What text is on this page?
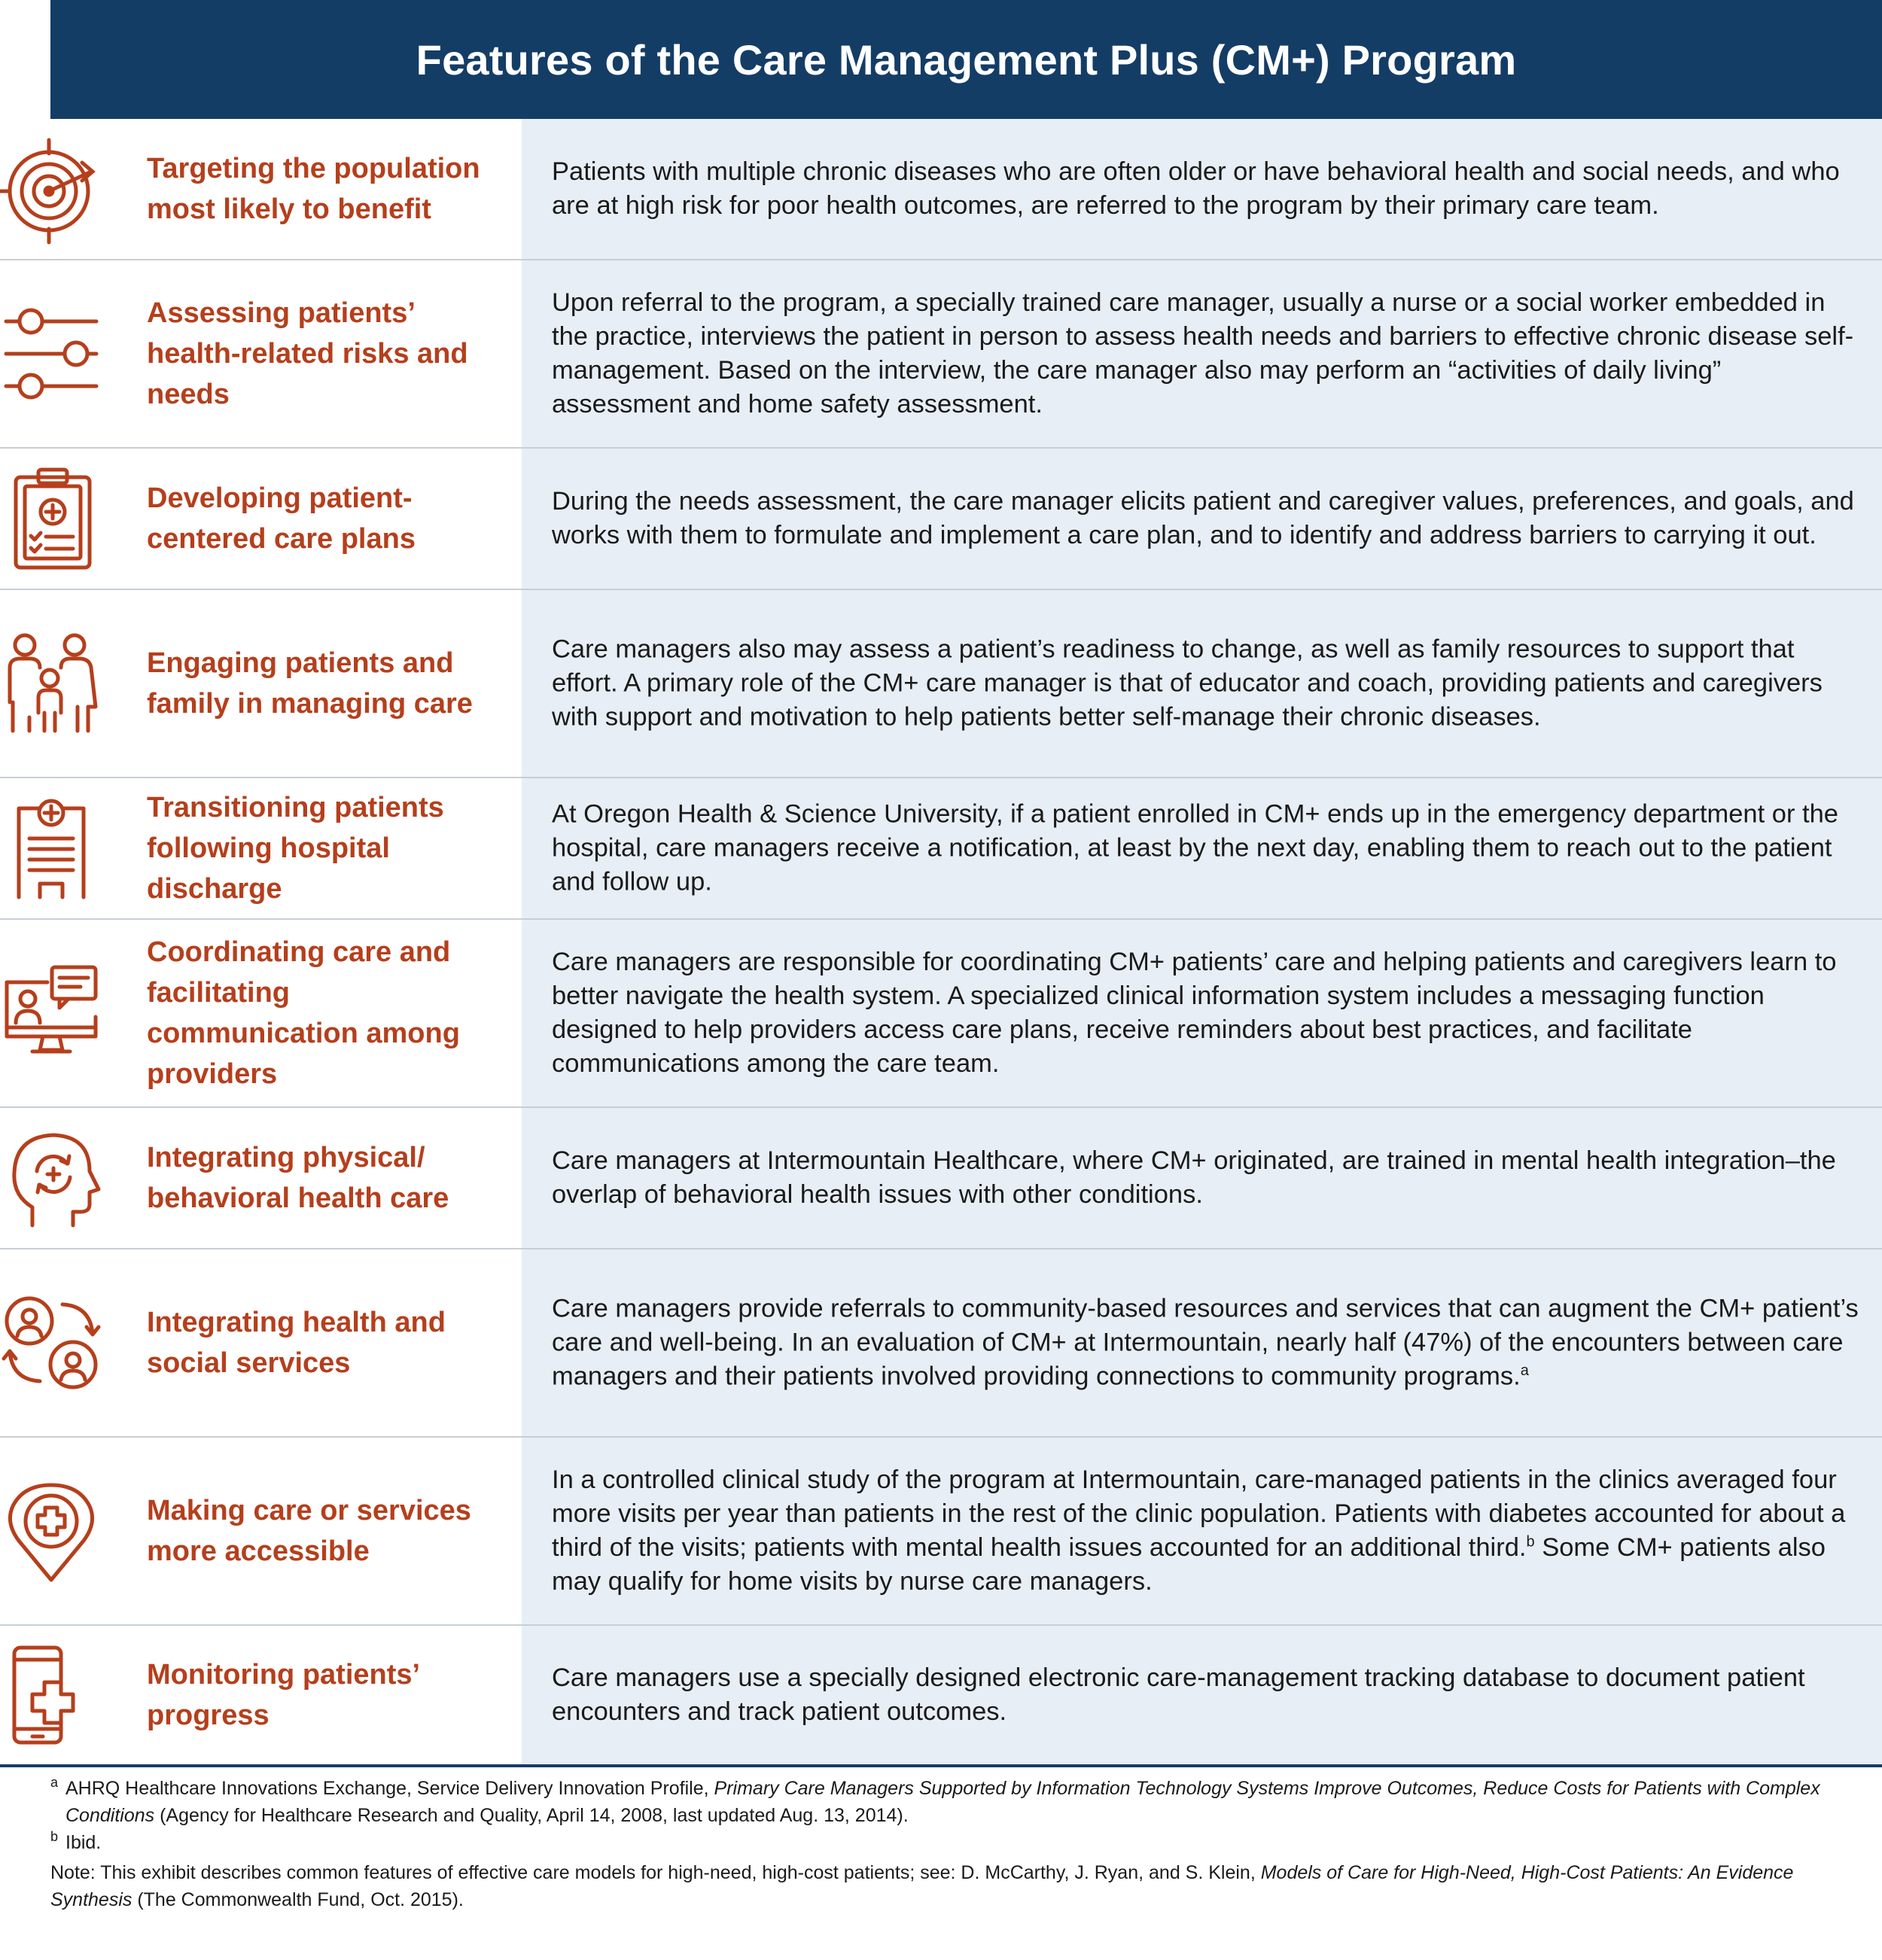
Features of the Care Management Plus (CM+) Program
Targeting the population most likely to benefit
Patients with multiple chronic diseases who are often older or have behavioral health and social needs, and who are at high risk for poor health outcomes, are referred to the program by their primary care team.
Assessing patients’ health-related risks and needs
Upon referral to the program, a specially trained care manager, usually a nurse or a social worker embedded in the practice, interviews the patient in person to assess health needs and barriers to effective chronic disease self-management. Based on the interview, the care manager also may perform an “activities of daily living” assessment and home safety assessment.
Developing patient-centered care plans
During the needs assessment, the care manager elicits patient and caregiver values, preferences, and goals, and works with them to formulate and implement a care plan, and to identify and address barriers to carrying it out.
Engaging patients and family in managing care
Care managers also may assess a patient’s readiness to change, as well as family resources to support that effort. A primary role of the CM+ care manager is that of educator and coach, providing patients and caregivers with support and motivation to help patients better self-manage their chronic diseases.
Transitioning patients following hospital discharge
At Oregon Health & Science University, if a patient enrolled in CM+ ends up in the emergency department or the hospital, care managers receive a notification, at least by the next day, enabling them to reach out to the patient and follow up.
Coordinating care and facilitating communication among providers
Care managers are responsible for coordinating CM+ patients’ care and helping patients and caregivers learn to better navigate the health system. A specialized clinical information system includes a messaging function designed to help providers access care plans, receive reminders about best practices, and facilitate communications among the care team.
Integrating physical/ behavioral health care
Care managers at Intermountain Healthcare, where CM+ originated, are trained in mental health integration–the overlap of behavioral health issues with other conditions.
Integrating health and social services
Care managers provide referrals to community-based resources and services that can augment the CM+ patient’s care and well-being. In an evaluation of CM+ at Intermountain, nearly half (47%) of the encounters between care managers and their patients involved providing connections to community programs.$^a$
Making care or services more accessible
In a controlled clinical study of the program at Intermountain, care-managed patients in the clinics averaged four more visits per year than patients in the rest of the clinic population. Patients with diabetes accounted for about a third of the visits; patients with mental health issues accounted for an additional third.$^b$ Some CM+ patients also may qualify for home visits by nurse care managers.
Monitoring patients’ progress
Care managers use a specially designed electronic care-management tracking database to document patient encounters and track patient outcomes.
a AHRQ Healthcare Innovations Exchange, Service Delivery Innovation Profile, Primary Care Managers Supported by Information Technology Systems Improve Outcomes, Reduce Costs for Patients with Complex Conditions (Agency for Healthcare Research and Quality, April 14, 2008, last updated Aug. 13, 2014).
b Ibid.
Note: This exhibit describes common features of effective care models for high-need, high-cost patients; see: D. McCarthy, J. Ryan, and S. Klein, Models of Care for High-Need, High-Cost Patients: An Evidence Synthesis (The Commonwealth Fund, Oct. 2015).
